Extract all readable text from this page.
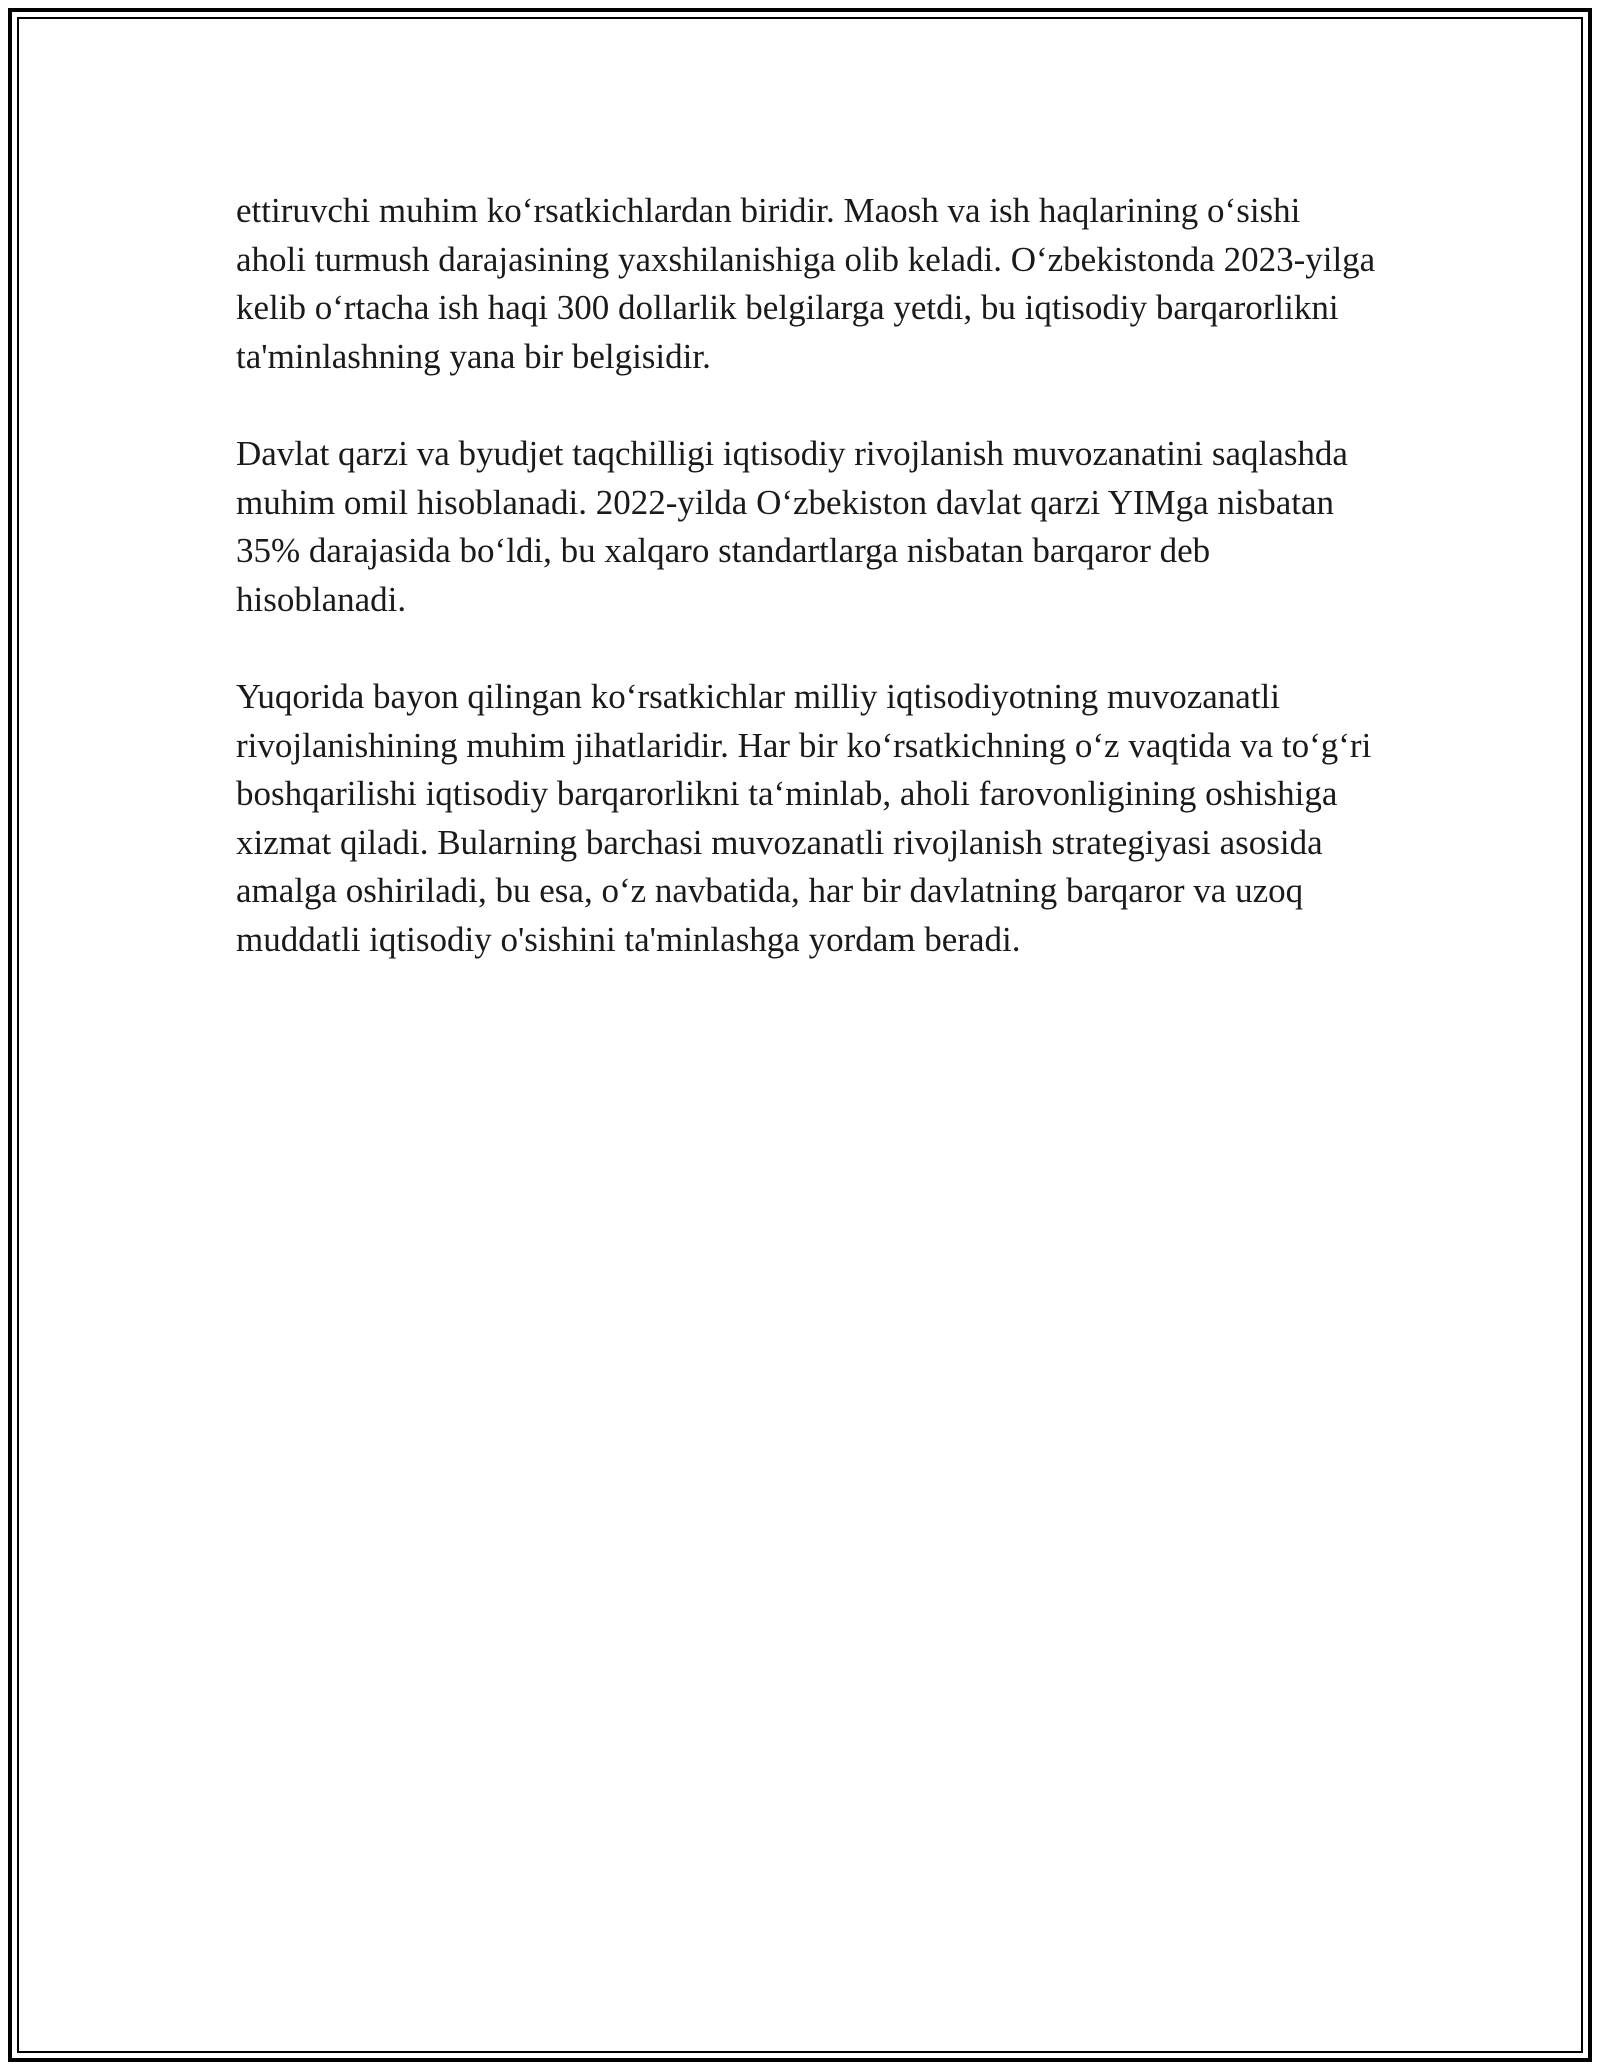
ettiruvchi muhim koʻrsatkichlardan biridir. Maosh va ish haqlarining oʻsishi aholi turmush darajasining yaxshilanishiga olib keladi. Oʻzbekistonda 2023-yilga kelib oʻrtacha ish haqi 300 dollarlik belgilarga yetdi, bu iqtisodiy barqarorlikni ta'minlashning yana bir belgisidir.

Davlat qarzi va byudjet taqchilligi iqtisodiy rivojlanish muvozanatini saqlashda muhim omil hisoblanadi. 2022-yilda Oʻzbekiston davlat qarzi YIMga nisbatan 35% darajasida boʻldi, bu xalqaro standartlarga nisbatan barqaror deb hisoblanadi.

Yuqorida bayon qilingan koʻrsatkichlar milliy iqtisodiyotning muvozanatli rivojlanishining muhim jihatlaridir. Har bir koʻrsatkichning oʻz vaqtida va toʻgʻri boshqarilishi iqtisodiy barqarorlikni taʻminlab, aholi farovonligining oshishiga xizmat qiladi. Bularning barchasi muvozanatli rivojlanish strategiyasi asosida amalga oshiriladi, bu esa, oʻz navbatida, har bir davlatning barqaror va uzoq muddatli iqtisodiy o'sishini ta'minlashga yordam beradi.
